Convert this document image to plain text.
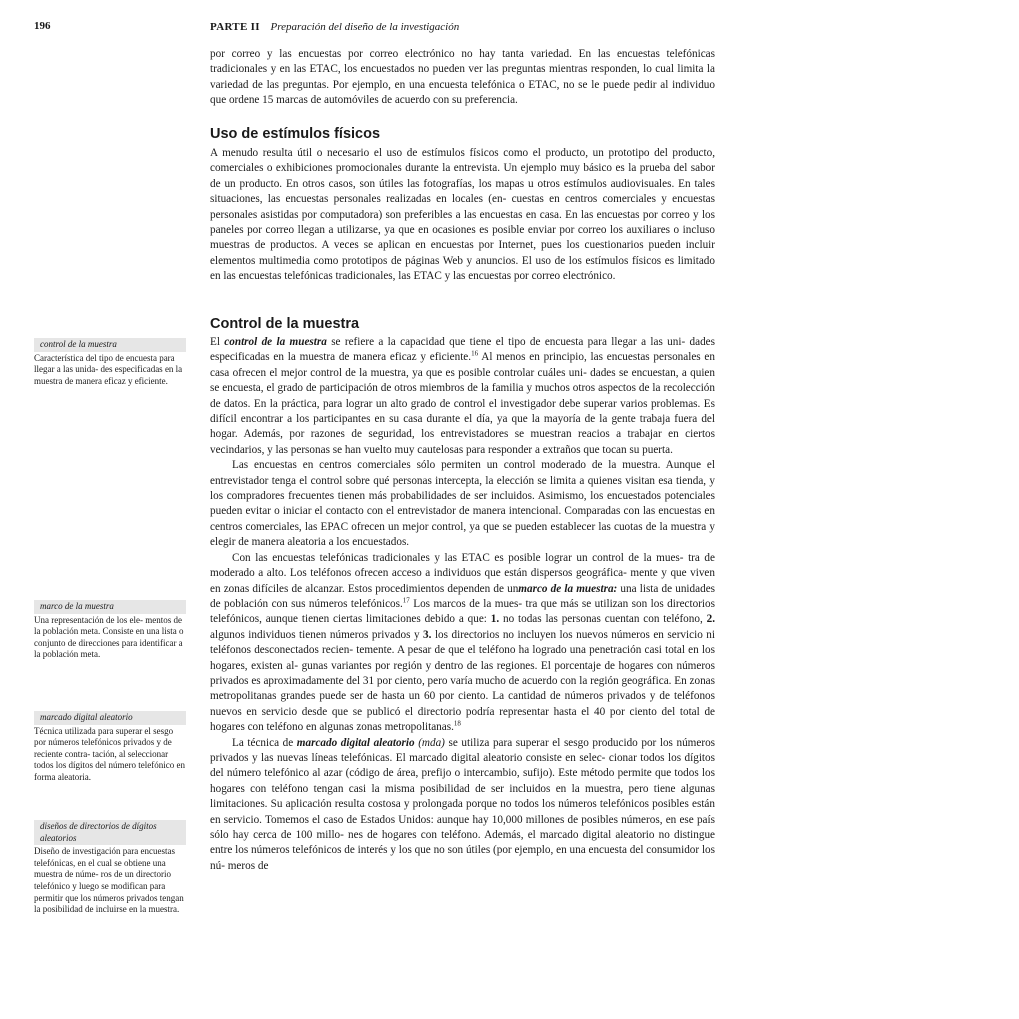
196	PARTE II Preparación del diseño de la investigación

por correo y las encuestas por correo electrónico no hay tanta variedad. En las encuestas telefónicas tradicionales y en las ETAC, los encuestados no pueden ver las preguntas mientras responden, lo cual limita la variedad de las preguntas. Por ejemplo, en una encuesta telefónica o ETAC, no se le puede pedir al individuo que ordene 15 marcas de automóviles de acuerdo con su preferencia.

Uso de estímulos físicos

A menudo resulta útil o necesario el uso de estímulos físicos como el producto, un prototipo del producto, comerciales o exhibiciones promocionales durante la entrevista. Un ejemplo muy básico es la prueba del sabor de un producto. En otros casos, son útiles las fotografías, los mapas u otros estímulos audiovisuales. En tales situaciones, las encuestas personales realizadas en locales (en- cuestas en centros comerciales y encuestas personales asistidas por computadora) son preferibles a las encuestas en casa. En las encuestas por correo y los paneles por correo llegan a utilizarse, ya que en ocasiones es posible enviar por correo los auxiliares o incluso muestras de productos. A veces se aplican en encuestas por Internet, pues los cuestionarios pueden incluir elementos multimedia como prototipos de páginas Web y anuncios. El uso de los estímulos físicos es limitado en las encuestas telefónicas tradicionales, las ETAC y las encuestas por correo electrónico.

Control de la muestra

El control de la muestra se refiere a la capacidad que tiene el tipo de encuesta para llegar a las uni- dades especificadas en la muestra de manera eficaz y eficiente.$^{16}$ Al menos en principio, las encuestas personales en casa ofrecen el mejor control de la muestra, ya que es posible controlar cuáles uni- dades se encuestan, a quien se encuesta, el grado de participación de otros miembros de la familia y muchos otros aspectos de la recolección de datos. En la práctica, para lograr un alto grado de control el investigador debe superar varios problemas. Es difícil encontrar a los participantes en su casa durante el día, ya que la mayoría de la gente trabaja fuera del hogar. Además, por razones de seguridad, los entrevistadores se muestran reacios a trabajar en ciertos vecindarios, y las personas se han vuelto muy cautelosas para responder a extraños que tocan su puerta.

Las encuestas en centros comerciales sólo permiten un control moderado de la muestra. Aunque el entrevistador tenga el control sobre qué personas intercepta, la elección se limita a quienes visitan esa tienda, y los compradores frecuentes tienen más probabilidades de ser incluidos. Asimismo, los encuestados potenciales pueden evitar o iniciar el contacto con el entrevistador de manera intencional. Comparadas con las encuestas en centros comerciales, las EPAC ofrecen un mejor control, ya que se pueden establecer las cuotas de la muestra y elegir de manera aleatoria a los encuestados.

Con las encuestas telefónicas tradicionales y las ETAC es posible lograr un control de la mues- tra de moderado a alto. Los teléfonos ofrecen acceso a individuos que están dispersos geográfica- mente y que viven en zonas difíciles de alcanzar. Estos procedimientos dependen de unmarco de la muestra: una lista de unidades de población con sus números telefónicos.$^{17}$ Los marcos de la mues- tra que más se utilizan son los directorios telefónicos, aunque tienen ciertas limitaciones debido a que: 1. no todas las personas cuentan con teléfono, 2. algunos individuos tienen números privados y 3. los directorios no incluyen los nuevos números en servicio ni teléfonos desconectados recien- temente. A pesar de que el teléfono ha logrado una penetración casi total en los hogares, existen al- gunas variantes por región y dentro de las regiones. El porcentaje de hogares con números privados es aproximadamente del 31 por ciento, pero varía mucho de acuerdo con la región geográfica. En zonas metropolitanas grandes puede ser de hasta un 60 por ciento. La cantidad de números privados y de teléfonos nuevos en servicio desde que se publicó el directorio podría representar hasta el 40 por ciento del total de hogares con teléfono en algunas zonas metropolitanas.$^{18}$

La técnica de marcado digital aleatorio (mda) se utiliza para superar el sesgo producido por los números privados y las nuevas líneas telefónicas. El marcado digital aleatorio consiste en selec- cionar todos los dígitos del número telefónico al azar (código de área, prefijo o intercambio, sufijo). Este método permite que todos los hogares con teléfono tengan casi la misma posibilidad de ser incluidos en la muestra, pero tiene algunas limitaciones. Su aplicación resulta costosa y prolongada porque no todos los números telefónicos posibles están en servicio. Tomemos el caso de Estados Unidos: aunque hay 10,000 millones de posibles números, en ese país sólo hay cerca de 100 millo- nes de hogares con teléfono. Además, el marcado digital aleatorio no distingue entre los números telefónicos de interés y los que no son útiles (por ejemplo, en una encuesta del consumidor los nú- meros de

control de la muestra
Característica del tipo de encuesta para llegar a las unida- des especificadas en la muestra de manera eficaz y eficiente.
marco de la muestra
Una representación de los ele- mentos de la población meta. Consiste en una lista o conjunto de direcciones para identificar a la población meta.
marcado digital aleatorio
Técnica utilizada para superar el sesgo por números telefónicos privados y de reciente contra- tación, al seleccionar todos los dígitos del número telefónico en forma aleatoria.
diseños de directorios de dígitos aleatorios
Diseño de investigación para encuestas telefónicas, en el cual se obtiene una muestra de núme- ros de un directorio telefónico y luego se modifican para permitir que los números privados tengan la posibilidad de incluirse en la muestra.
